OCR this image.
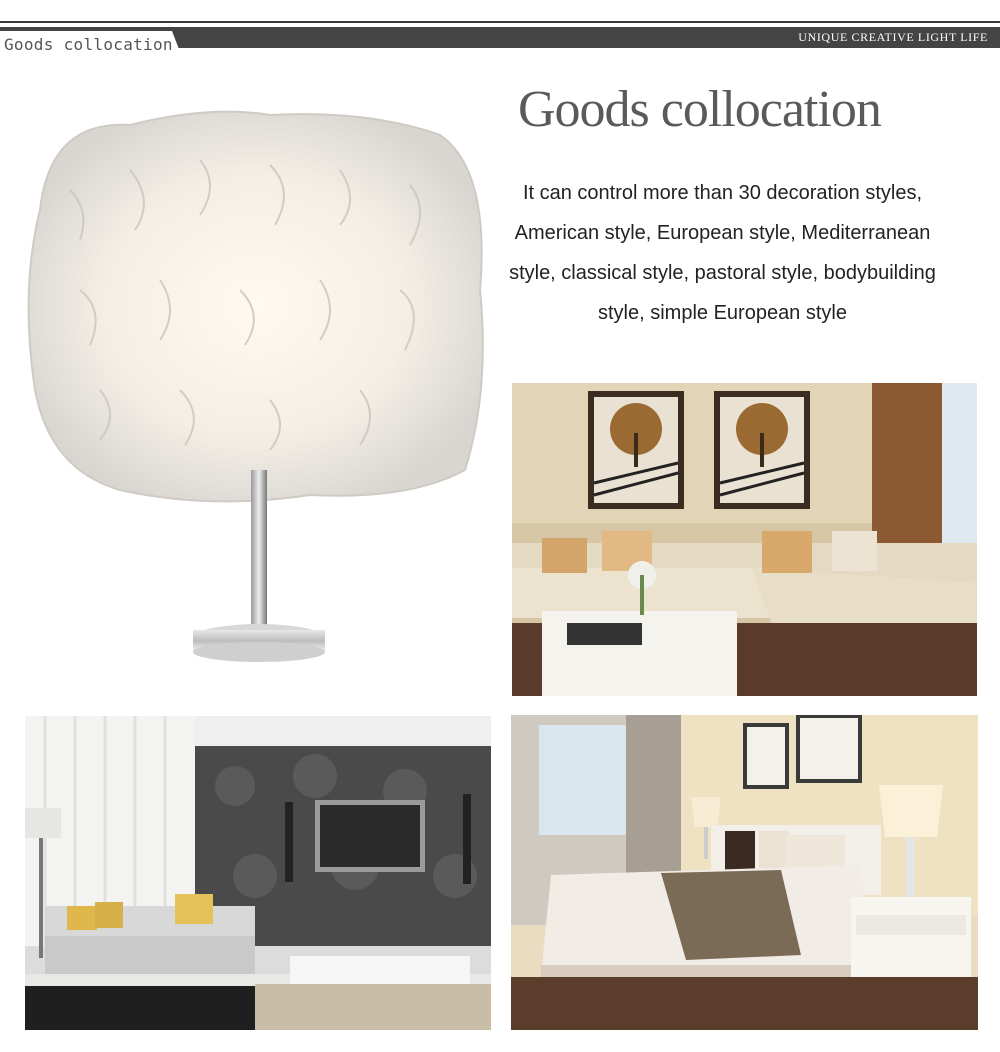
Goods collocation	UNIQUE CREATIVE LIGHT LIFE
Goods collocation
It can control more than 30 decoration styles,
American style, European style, Mediterranean
style, classical style, pastoral style, bodybuilding
style, simple European style
